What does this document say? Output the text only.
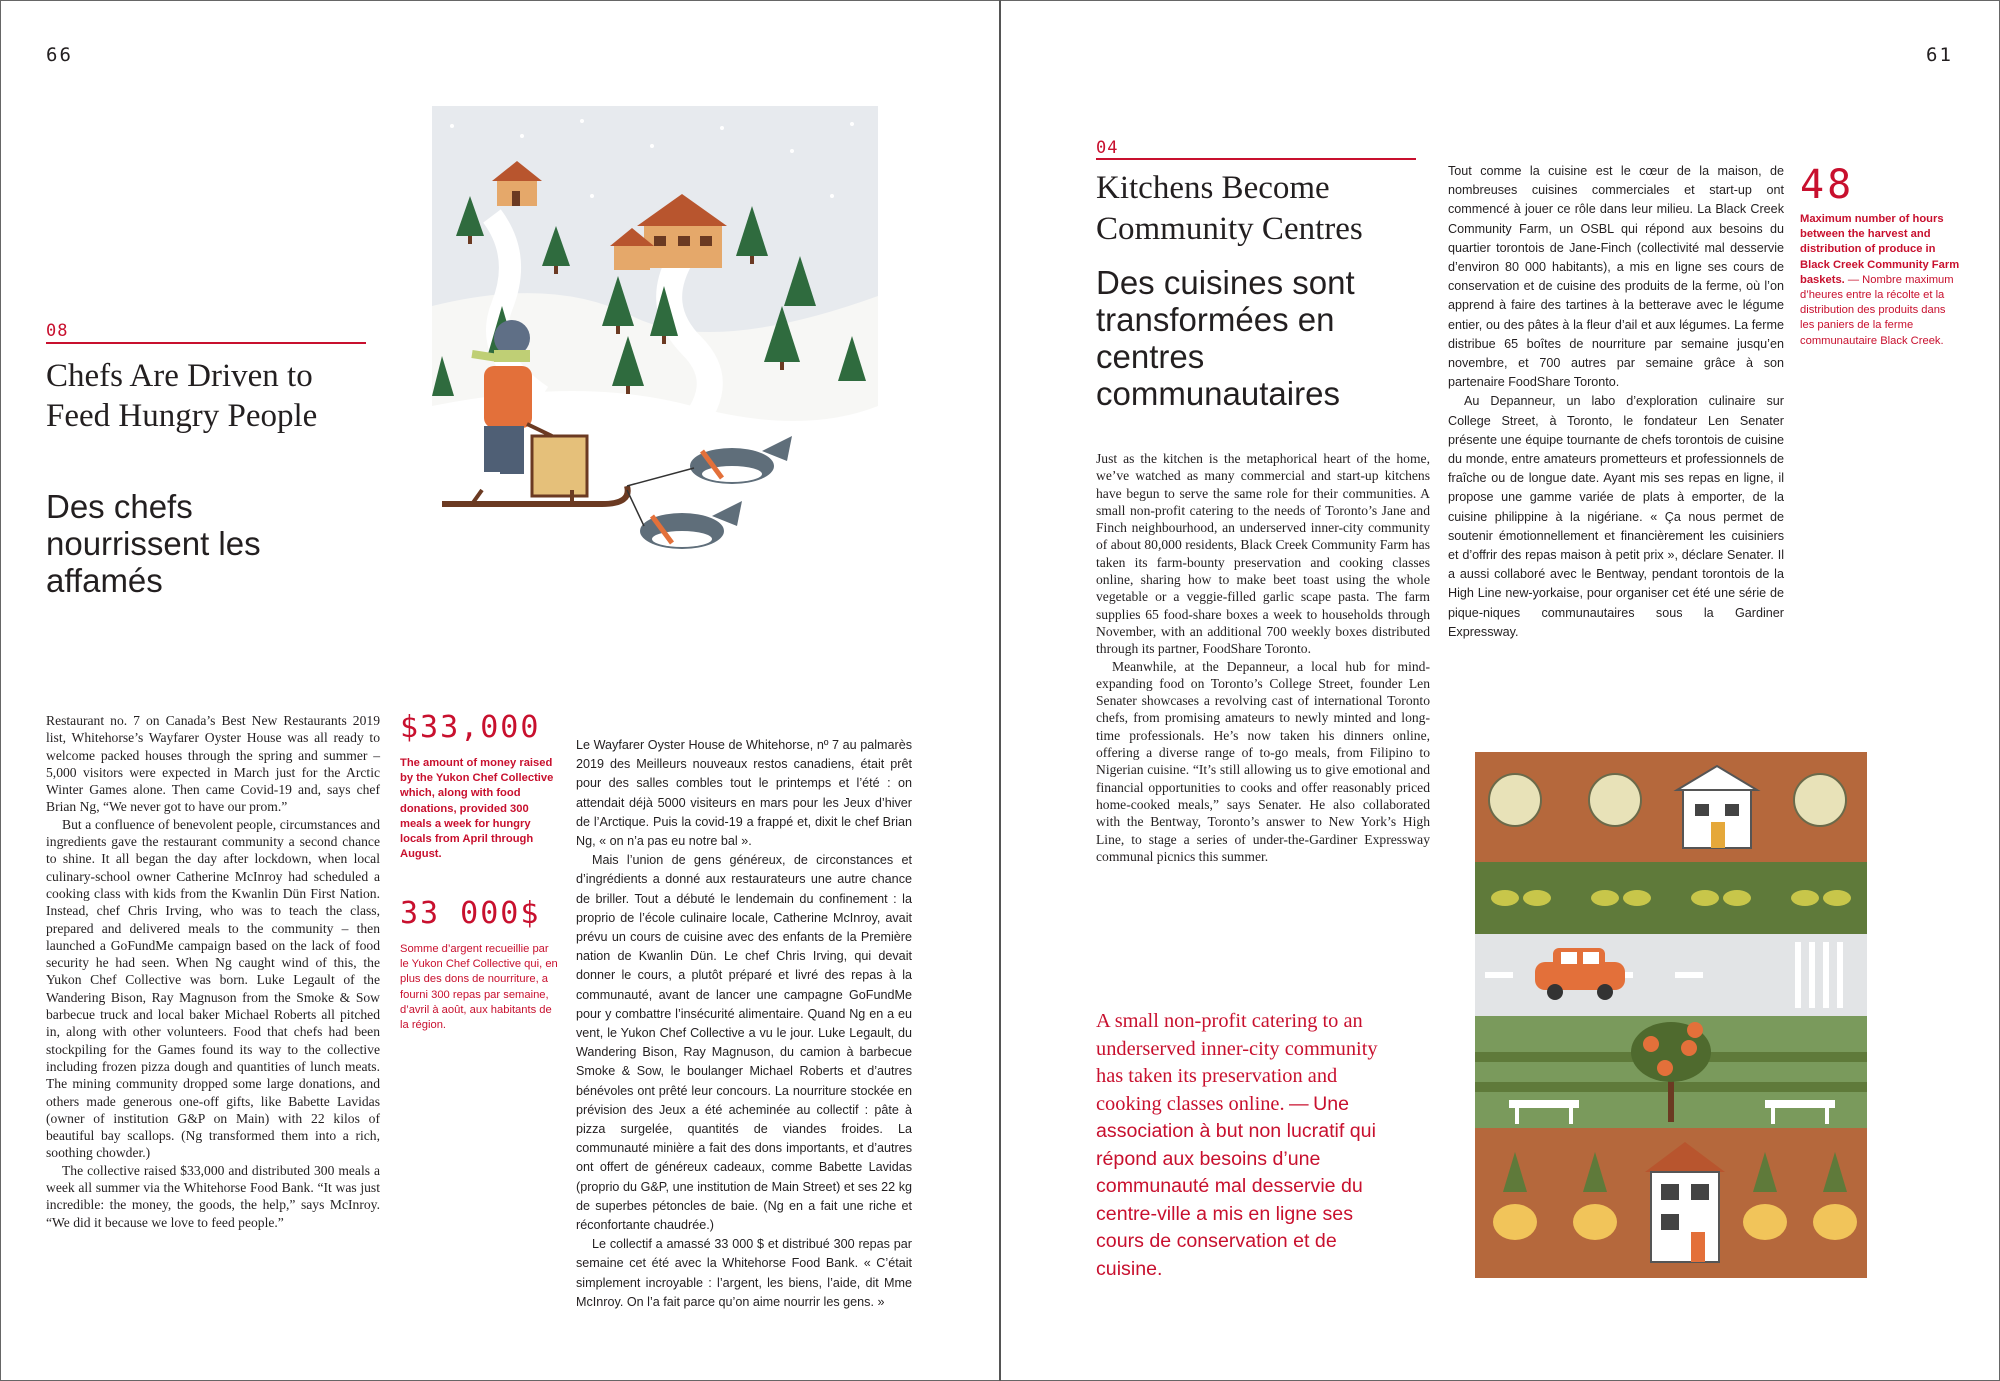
66
08
Chefs Are Driven to Feed Hungry People
Des chefs nourrissent les affamés

Restaurant no. 7 on Canada’s Best New Restaurants 2019 list, Whitehorse’s Wayfarer Oyster House was all ready to welcome packed houses through the spring and summer – 5,000 visitors were expected in March just for the Arctic Winter Games alone. Then came Covid-19 and, says chef Brian Ng, “We never got to have our prom.”

But a confluence of benevolent people, circumstances and ingredients gave the restaurant community a second chance to shine. It all began the day after lockdown, when local culinary-school owner Catherine McInroy had scheduled a cooking class with kids from the Kwanlin Dün First Nation. Instead, chef Chris Irving, who was to teach the class, prepared and delivered meals to the community – then launched a GoFundMe campaign based on the lack of food security he had seen. When Ng caught wind of this, the Yukon Chef Collective was born. Luke Legault of the Wandering Bison, Ray Magnuson from the Smoke & Sow barbecue truck and local baker Michael Roberts all pitched in, along with other volunteers. Food that chefs had been stockpiling for the Games found its way to the collective including frozen pizza dough and quantities of lunch meats. The mining community dropped some large donations, and others made generous one-off gifts, like Babette Lavidas (owner of institution G&P on Main) with 22 kilos of beautiful bay scallops. (Ng transformed them into a rich, soothing chowder.)

The collective raised $33,000 and distributed 300 meals a week all summer via the Whitehorse Food Bank. “It was just incredible: the money, the goods, the help,” says McInroy. “We did it because we love to feed people.”

$33,000
The amount of money raised by the Yukon Chef Collective which, along with food donations, provided 300 meals a week for hungry locals from April through August.
33 000$
Somme d’argent recueillie par le Yukon Chef Collective qui, en plus des dons de nourriture, a fourni 300 repas par semaine, d’avril à août, aux habitants de la région.

Le Wayfarer Oyster House de Whitehorse, nº 7 au palmarès 2019 des Meilleurs nouveaux restos canadiens, était prêt pour des salles combles tout le printemps et l’été : on attendait déjà 5000 visiteurs en mars pour les Jeux d’hiver de l’Arctique. Puis la covid-19 a frappé et, dixit le chef Brian Ng, « on n’a pas eu notre bal ».

Mais l’union de gens généreux, de circonstances et d’ingrédients a donné aux restaurateurs une autre chance de briller. Tout a débuté le lendemain du confinement : la proprio de l’école culinaire locale, Catherine McInroy, avait prévu un cours de cuisine avec des enfants de la Première nation de Kwanlin Dün. Le chef Chris Irving, qui devait donner le cours, a plutôt préparé et livré des repas à la communauté, avant de lancer une campagne GoFundMe pour y combattre l’insécurité alimentaire. Quand Ng en a eu vent, le Yukon Chef Collective a vu le jour. Luke Legault, du Wandering Bison, Ray Magnuson, du camion à barbecue Smoke & Sow, le boulanger Michael Roberts et d’autres bénévoles ont prêté leur concours. La nourriture stockée en prévision des Jeux a été acheminée au collectif : pâte à pizza surgelée, quantités de viandes froides. La communauté minière a fait des dons importants, et d’autres ont offert de généreux cadeaux, comme Babette Lavidas (proprio du G&P, une institution de Main Street) et ses 22 kg de superbes pétoncles de baie. (Ng en a fait une riche et réconfortante chaudrée.)

Le collectif a amassé 33 000 $ et distribué 300 repas par semaine cet été avec la Whitehorse Food Bank. « C’était simplement incroyable : l’argent, les biens, l’aide, dit Mme McInroy. On l’a fait parce qu’on aime nourrir les gens. »

61
04
Kitchens Become Community Centres
Des cuisines sont transformées en centres communautaires

Just as the kitchen is the metaphorical heart of the home, we’ve watched as many commercial and start-up kitchens have begun to serve the same role for their communities. A small non-profit catering to the needs of Toronto’s Jane and Finch neighbourhood, an underserved inner-city community of about 80,000 residents, Black Creek Community Farm has taken its farm-bounty preservation and cooking classes online, sharing how to make beet toast using the whole vegetable or a veggie-filled garlic scape pasta. The farm supplies 65 food-share boxes a week to households through November, with an additional 700 weekly boxes distributed through its partner, FoodShare Toronto.

Meanwhile, at the Depanneur, a local hub for mind-expanding food on Toronto’s College Street, founder Len Senater showcases a revolving cast of international Toronto chefs, from promising amateurs to newly minted and long-time professionals. He’s now taken his dinners online, offering a diverse range of to-go meals, from Filipino to Nigerian cuisine. “It’s still allowing us to give emotional and financial opportunities to cooks and offer reasonably priced home-cooked meals,” says Senater. He also collaborated with the Bentway, Toronto’s answer to New York’s High Line, to stage a series of under-the-Gardiner Expressway communal picnics this summer.

Tout comme la cuisine est le cœur de la maison, de nombreuses cuisines commerciales et start-up ont commencé à jouer ce rôle dans leur milieu. La Black Creek Community Farm, un OSBL qui répond aux besoins du quartier torontois de Jane-Finch (collectivité mal desservie d’environ 80 000 habitants), a mis en ligne ses cours de conservation et de cuisine des produits de la ferme, où l’on apprend à faire des tartines à la betterave avec le légume entier, ou des pâtes à la fleur d’ail et aux légumes. La ferme distribue 65 boîtes de nourriture par semaine jusqu’en novembre, et 700 autres par semaine grâce à son partenaire FoodShare Toronto.

Au Depanneur, un labo d’exploration culinaire sur College Street, à Toronto, le fondateur Len Senater présente une équipe tournante de chefs torontois de cuisine du monde, entre amateurs prometteurs et professionnels de fraîche ou de longue date. Ayant mis ses repas en ligne, il propose une gamme variée de plats à emporter, de la cuisine philippine à la nigériane. « Ça nous permet de soutenir émotionnellement et financièrement les cuisiniers et d’offrir des repas maison à petit prix », déclare Senater. Il a aussi collaboré avec le Bentway, pendant torontois de la High Line new-yorkaise, pour organiser cet été une série de pique-niques communautaires sous la Gardiner Expressway.

48
Maximum number of hours between the harvest and distribution of produce in Black Creek Community Farm baskets. — Nombre maximum d’heures entre la récolte et la distribution des produits dans les paniers de la ferme communautaire Black Creek.
A small non-profit catering to an underserved inner-city community has taken its preservation and cooking classes online. — Une association à but non lucratif qui répond aux besoins d’une communauté mal desservie du centre-ville a mis en ligne ses cours de conservation et de cuisine.
